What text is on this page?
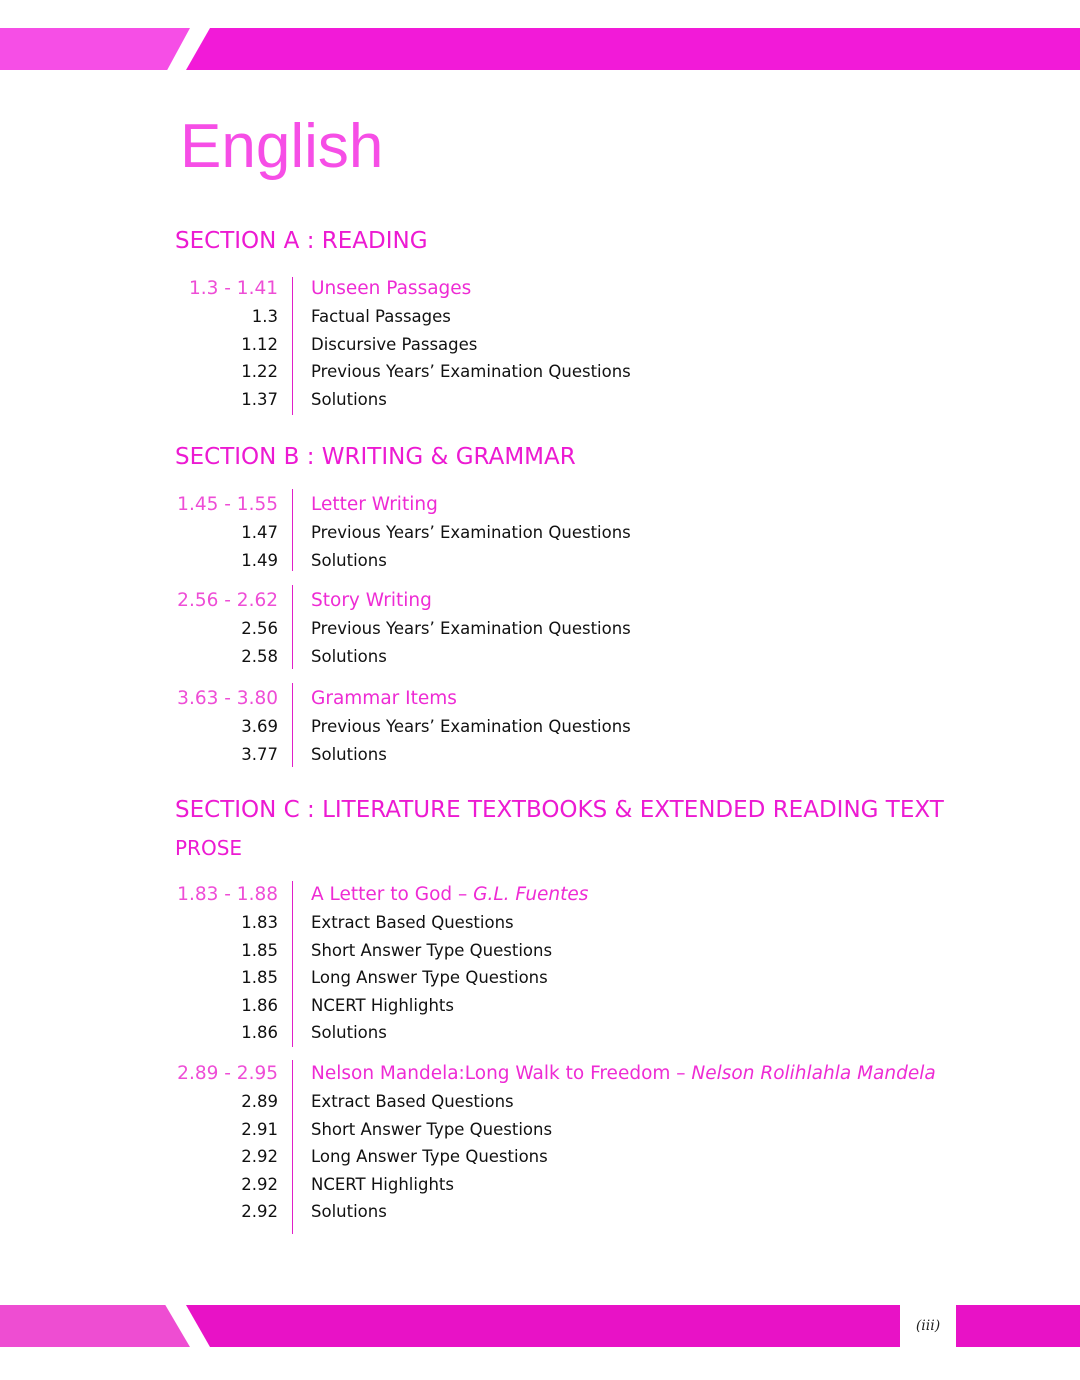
English
SECTION A : READING
1.3 - 1.41 Unseen Passages
1.3 Factual Passages
1.12 Discursive Passages
1.22 Previous Years’ Examination Questions
1.37 Solutions
SECTION B : WRITING & GRAMMAR
1.45 - 1.55 Letter Writing
1.47 Previous Years’ Examination Questions
1.49 Solutions
2.56 - 2.62 Story Writing
2.56 Previous Years’ Examination Questions
2.58 Solutions
3.63 - 3.80 Grammar Items
3.69 Previous Years’ Examination Questions
3.77 Solutions
SECTION C : LITERATURE TEXTBOOKS & EXTENDED READING TEXT
PROSE
1.83 - 1.88 A Letter to God – G.L. Fuentes
1.83 Extract Based Questions
1.85 Short Answer Type Questions
1.85 Long Answer Type Questions
1.86 NCERT Highlights
1.86 Solutions
2.89 - 2.95 Nelson Mandela:Long Walk to Freedom – Nelson Rolihlahla Mandela
2.89 Extract Based Questions
2.91 Short Answer Type Questions
2.92 Long Answer Type Questions
2.92 NCERT Highlights
2.92 Solutions
(iii)
